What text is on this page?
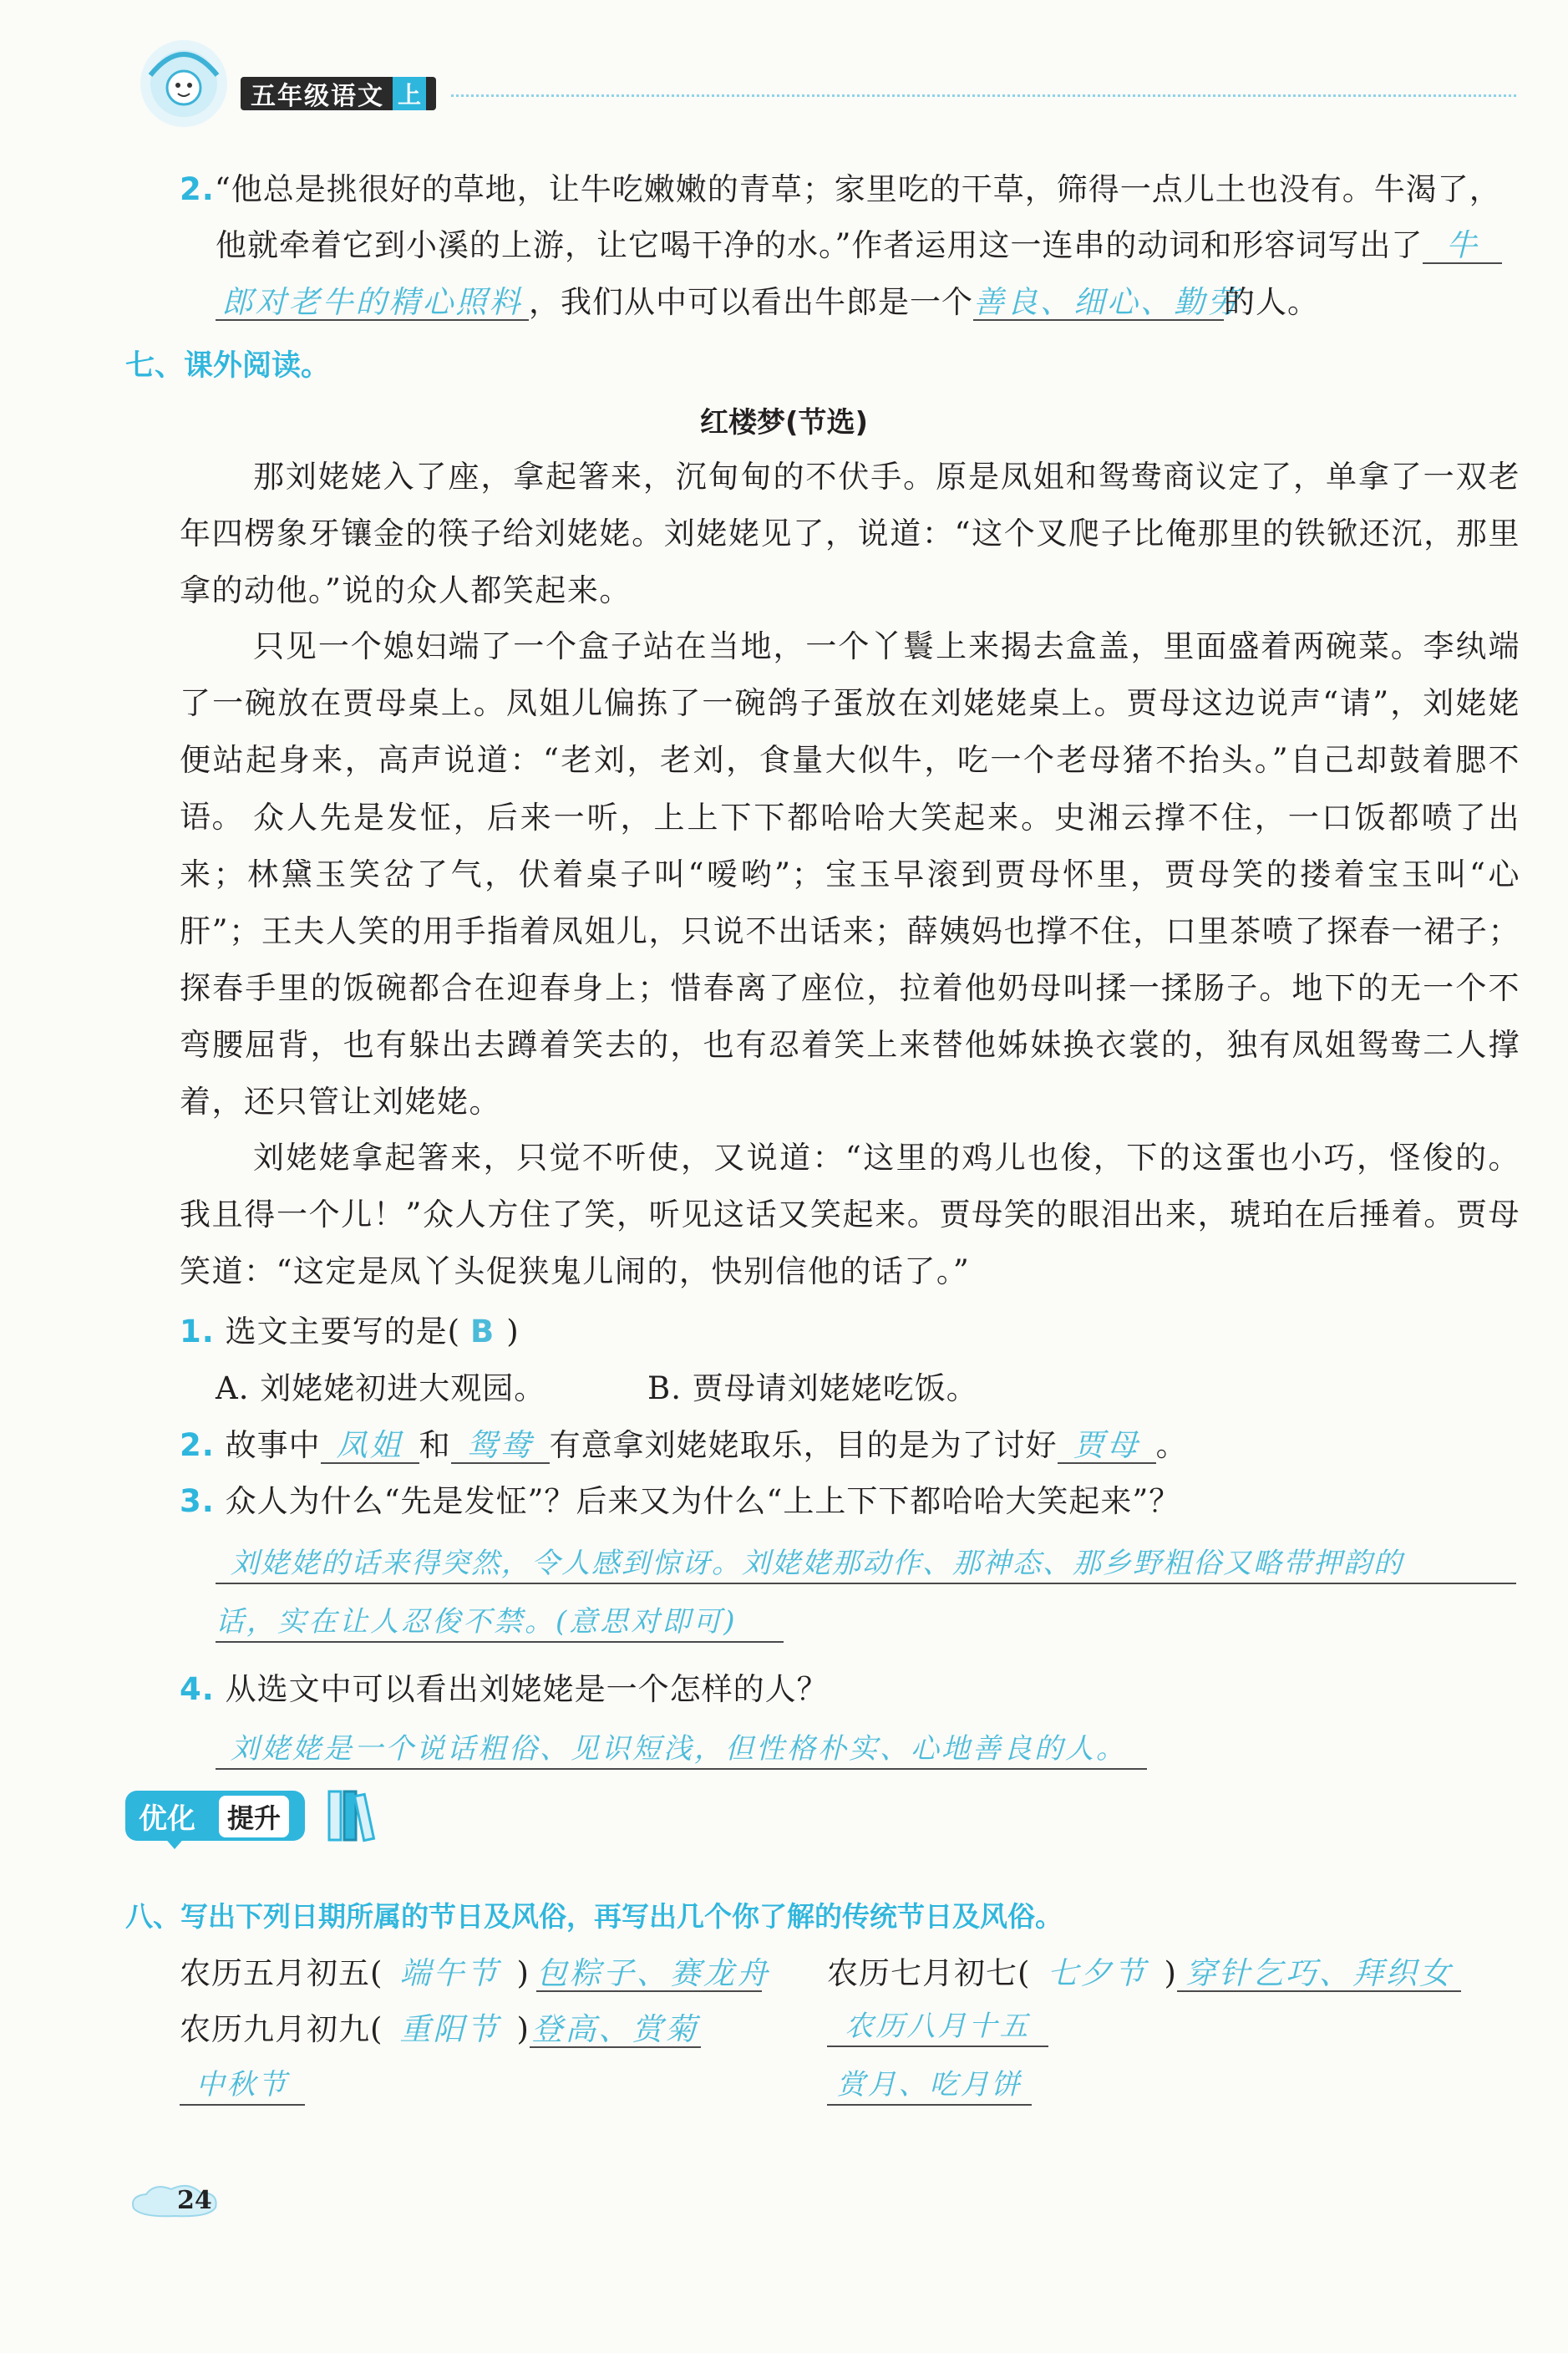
五年级语文 上
2.“他总是挑很好的草地，让牛吃嫩嫩的青草；家里吃的干草，筛得一点儿土也没有。牛渴了，
他就牵着它到小溪的上游，让它喝干净的水。”作者运用这一连串的动词和形容词写出了 牛
郎对老牛的精心照料 ，我们从中可以看出牛郎是一个善良、细心、勤劳的人。
七、课外阅读。
红楼梦(节选)
那刘姥姥入了座，拿起箸来，沉甸甸的不伏手。原是凤姐和鸳鸯商议定了，单拿了一双老年四楞象牙镶金的筷子给刘姥姥。刘姥姥见了，说道：“这个叉爬子比俺那里的铁锨还沉，那里拿的动他。”说的众人都笑起来。
只见一个媳妇端了一个盒子站在当地，一个丫鬟上来揭去盒盖，里面盛着两碗菜。李纨端了一碗放在贾母桌上。凤姐儿偏拣了一碗鸽子蛋放在刘姥姥桌上。贾母这边说声“请”，刘姥姥便站起身来，高声说道：“老刘，老刘，食量大似牛，吃一个老母猪不抬头。”自己却鼓着腮不语。 众人先是发怔，后来一听，上上下下都哈哈大笑起来。史湘云撑不住，一口饭都喷了出来；林黛玉笑岔了气，伏着桌子叫“嗳哟”；宝玉早滚到贾母怀里，贾母笑的搂着宝玉叫“心肝”；王夫人笑的用手指着凤姐儿，只说不出话来；薛姨妈也撑不住，口里茶喷了探春一裙子；探春手里的饭碗都合在迎春身上；惜春离了座位，拉着他奶母叫揉一揉肠子。地下的无一个不弯腰屈背，也有躲出去蹲着笑去的，也有忍着笑上来替他姊妹换衣裳的，独有凤姐鸳鸯二人撑着，还只管让刘姥姥。
刘姥姥拿起箸来，只觉不听使，又说道：“这里的鸡儿也俊，下的这蛋也小巧，怪俊的。我且得一个儿！”众人方住了笑，听见这话又笑起来。贾母笑的眼泪出来，琥珀在后捶着。贾母笑道：“这定是凤丫头促狭鬼儿闹的，快别信他的话了。”
1. 选文主要写的是( B )
A. 刘姥姥初进大观园。	B. 贾母请刘姥姥吃饭。
2. 故事中 凤姐 和 鸳鸯 有意拿刘姥姥取乐，目的是为了讨好 贾母 。
3. 众人为什么“先是发怔”？后来又为什么“上上下下都哈哈大笑起来”？
刘姥姥的话来得突然，令人感到惊讶。刘姥姥那动作、那神态、那乡野粗俗又略带押韵的
话，实在让人忍俊不禁。(意思对即可)
4. 从选文中可以看出刘姥姥是一个怎样的人？
刘姥姥是一个说话粗俗、见识短浅，但性格朴实、心地善良的人。
优化	提升
八、写出下列日期所属的节日及风俗，再写出几个你了解的传统节日及风俗。
农历五月初五( 端午节 ) 包粽子、赛龙舟 农历七月初七( 七夕节 ) 穿针乞巧、拜织女
农历九月初九( 重阳节 )登高、赏菊	农历八月十五
中秋节	赏月、吃月饼
24
